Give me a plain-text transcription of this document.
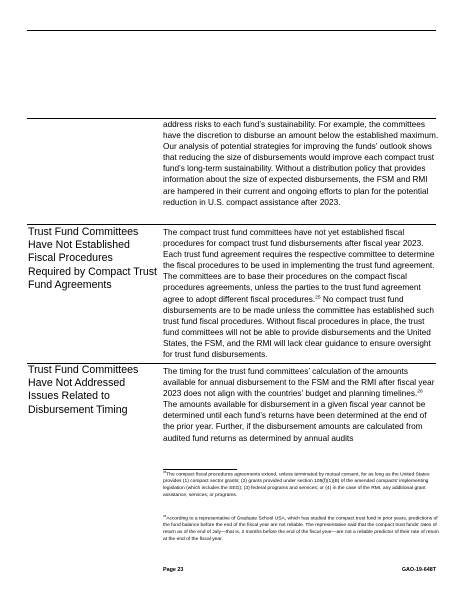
address risks to each fund’s sustainability. For example, the committees have the discretion to disburse an amount below the established maximum. Our analysis of potential strategies for improving the funds’ outlook shows that reducing the size of disbursements would improve each compact trust fund’s long-term sustainability. Without a distribution policy that provides information about the size of expected disbursements, the FSM and RMI are hampered in their current and ongoing efforts to plan for the potential reduction in U.S. compact assistance after 2023.

Trust Fund Committees Have Not Established Fiscal Procedures Required by Compact Trust Fund Agreements

The compact trust fund committees have not yet established fiscal procedures for compact trust fund disbursements after fiscal year 2023. Each trust fund agreement requires the respective committee to determine the fiscal procedures to be used in implementing the trust fund agreement. The committees are to base their procedures on the compact fiscal procedures agreements, unless the parties to the trust fund agreement agree to adopt different fiscal procedures.$^{25}$ No compact trust fund disbursements are to be made unless the committee has established such trust fund fiscal procedures. Without fiscal procedures in place, the trust fund committees will not be able to provide disbursements and the United States, the FSM, and the RMI will lack clear guidance to ensure oversight for trust fund disbursements.

Trust Fund Committees Have Not Addressed Issues Related to Disbursement Timing

The timing for the trust fund committees’ calculation of the amounts available for annual disbursement to the FSM and the RMI after fiscal year 2023 does not align with the countries’ budget and planning timelines.$^{26}$ The amounts available for disbursement in a given fiscal year cannot be determined until each fund’s returns have been determined at the end of the prior year. Further, if the disbursement amounts are calculated from audited fund returns as determined by annual audits

$^{25}$The compact fiscal procedures agreements extend, unless terminated by mutual consent, for as long as the United States provides (1) compact sector grants; (2) grants provided under section 105(f)(1)(B) of the amended compacts’ implementing legislation (which includes the SEG); (3) federal programs and services; or (4) in the case of the RMI, any additional grant assistance, services, or programs.

$^{26}$According to a representative of Graduate School USA, which has studied the compact trust fund in prior years, predictions of the fund balance before the end of the fiscal year are not reliable. The representative said that the compact trust funds’ rates of return as of the end of July—that is, 2 months before the end of the fiscal year—are not a reliable predictor of their rate of return at the end of the fiscal year.

Page 23	GAO-19-648T
